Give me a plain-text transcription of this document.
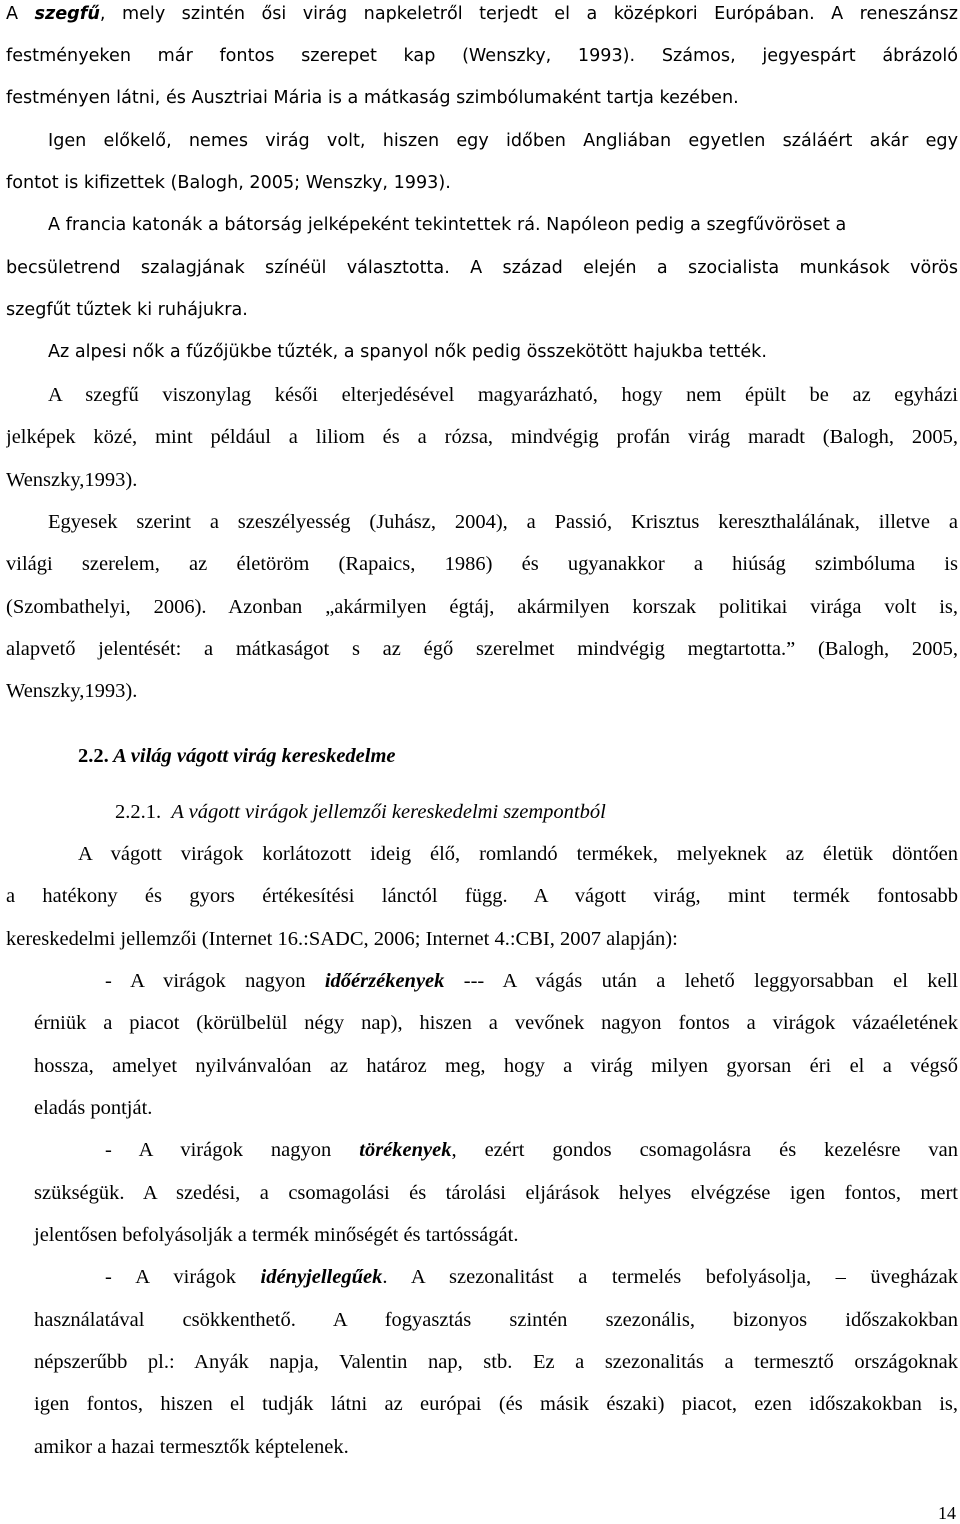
A szegfű, mely szintén ősi virág napkeletről terjedt el a középkori Európában. A reneszánsz
festményeken már fontos szerepet kap (Wenszky, 1993). Számos, jegyespárt ábrázoló
festményen látni, és Ausztriai Mária is a mátkaság szimbólumaként tartja kezében.
Igen előkelő, nemes virág volt, hiszen egy időben Angliában egyetlen száláért akár egy
fontot is kifizettek (Balogh, 2005; Wenszky, 1993).
A francia katonák a bátorság jelképeként tekintettek rá. Napóleon pedig a szegfűvöröset a
becsületrend szalagjának színéül választotta. A század elején a szocialista munkások vörös
szegfűt tűztek ki ruhájukra.
Az alpesi nők a fűzőjükbe tűzték, a spanyol nők pedig összekötött hajukba tették.
A szegfű viszonylag késői elterjedésével magyarázható, hogy nem épült be az egyházi
jelképek közé, mint például a liliom és a rózsa, mindvégig profán virág maradt (Balogh, 2005,
Wenszky,1993).
Egyesek szerint a szeszélyesség (Juhász, 2004), a Passió, Krisztus kereszthalálának, illetve a
világi szerelem, az életöröm (Rapaics, 1986) és ugyanakkor a hiúság szimbóluma is
(Szombathelyi, 2006). Azonban „akármilyen égtáj, akármilyen korszak politikai virága volt is,
alapvető jelentését: a mátkaságot s az égő szerelmet mindvégig megtartotta.” (Balogh, 2005,
Wenszky,1993).
2.2. A világ vágott virág kereskedelme
2.2.1. A vágott virágok jellemzői kereskedelmi szempontból
A vágott virágok korlátozott ideig élő, romlandó termékek, melyeknek az életük döntően
a hatékony és gyors értékesítési lánctól függ. A vágott virág, mint termék fontosabb
kereskedelmi jellemzői (Internet 16.:SADC, 2006; Internet 4.:CBI, 2007 alapján):
- A virágok nagyon időérzékenyek --- A vágás után a lehető leggyorsabban el kell
érniük a piacot (körülbelül négy nap), hiszen a vevőnek nagyon fontos a virágok vázaéletének
hossza, amelyet nyilvánvalóan az határoz meg, hogy a virág milyen gyorsan éri el a végső
eladás pontját.
- A virágok nagyon törékenyek, ezért gondos csomagolásra és kezelésre van
szükségük. A szedési, a csomagolási és tárolási eljárások helyes elvégzése igen fontos, mert
jelentősen befolyásolják a termék minőségét és tartósságát.
- A virágok idényjellegűek. A szezonalitást a termelés befolyásolja, – üvegházak
használatával csökkenthető. A fogyasztás szintén szezonális, bizonyos időszakokban
népszerűbb pl.: Anyák napja, Valentin nap, stb. Ez a szezonalitás a termesztő országoknak
igen fontos, hiszen el tudják látni az európai (és másik északi) piacot, ezen időszakokban is,
amikor a hazai termesztők képtelenek.
14
